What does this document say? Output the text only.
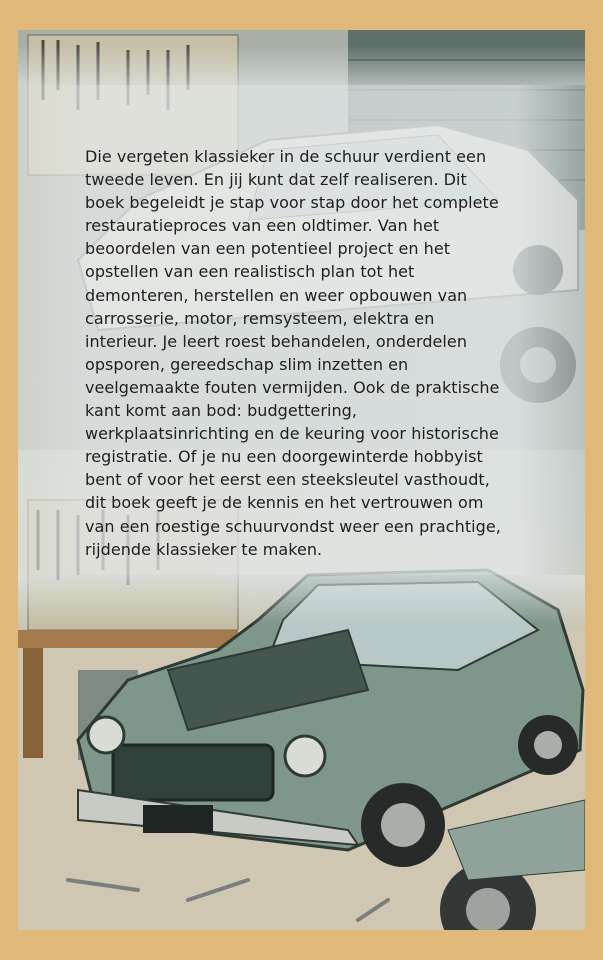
Die vergeten klassieker in de schuur verdient een
tweede leven. En jij kunt dat zelf realiseren. Dit
boek begeleidt je stap voor stap door het complete
restauratieproces van een oldtimer. Van het
beoordelen van een potentieel project en het
opstellen van een realistisch plan tot het
demonteren, herstellen en weer opbouwen van
carrosserie, motor, remsysteem, elektra en
interieur. Je leert roest behandelen, onderdelen
opsporen, gereedschap slim inzetten en
veelgemaakte fouten vermijden. Ook de praktische
kant komt aan bod: budgettering,
werkplaatsinrichting en de keuring voor historische
registratie. Of je nu een doorgewinterde hobbyist
bent of voor het eerst een steeksleutel vasthoudt,
dit boek geeft je de kennis en het vertrouwen om
van een roestige schuurvondst weer een prachtige,
rijdende klassieker te maken.
